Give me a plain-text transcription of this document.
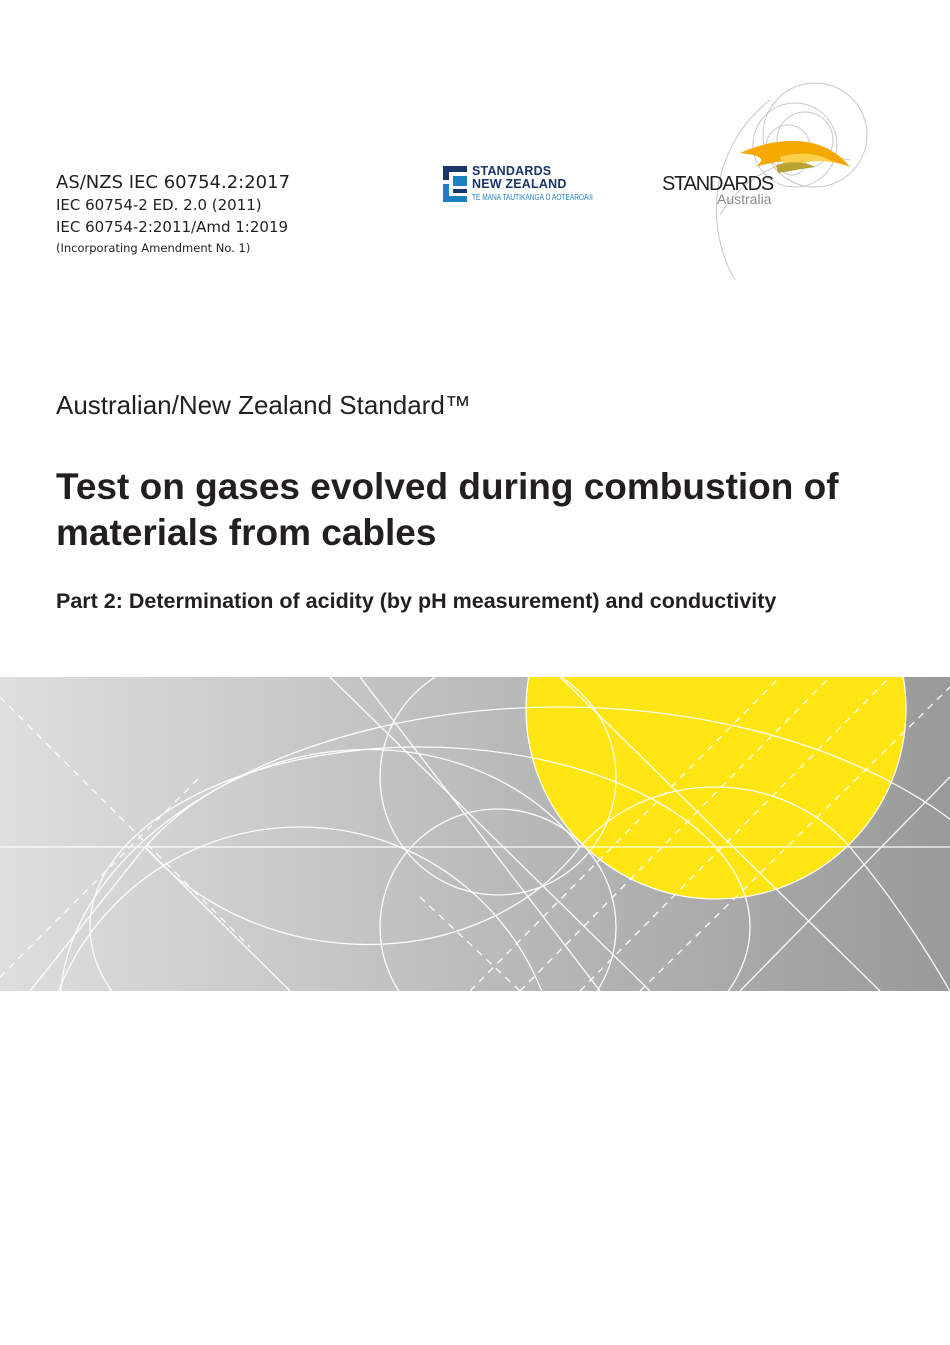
AS/NZS IEC 60754.2:2017
IEC 60754-2 ED. 2.0 (2011)
IEC 60754-2:2011/Amd 1:2019
(Incorporating Amendment No. 1)
STANDARDS
NEW ZEALAND
TE MANA TAUTIKANGA O AOTEAROA®
STANDARDS
Australia
Australian/New Zealand Standard™
Test on gases evolved during combustion of materials from cables
Part 2: Determination of acidity (by pH measurement) and conductivity
